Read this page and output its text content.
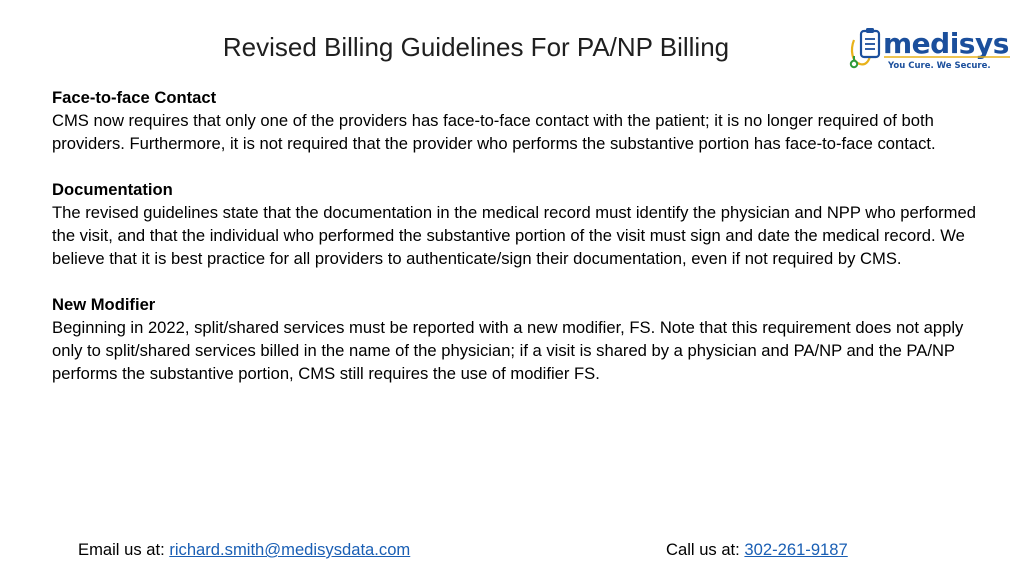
Revised Billing Guidelines For PA/NP Billing	medisys
You Cure. We Secure.
Face-to-face Contact
CMS now requires that only one of the providers has face-to-face contact with the patient; it is no longer required of both providers. Furthermore, it is not required that the provider who performs the substantive portion has face-to-face contact.
Documentation
The revised guidelines state that the documentation in the medical record must identify the physician and NPP who performed the visit, and that the individual who performed the substantive portion of the visit must sign and date the medical record. We believe that it is best practice for all providers to authenticate/sign their documentation, even if not required by CMS.
New Modifier
Beginning in 2022, split/shared services must be reported with a new modifier, FS. Note that this requirement does not apply only to split/shared services billed in the name of the physician; if a visit is shared by a physician and PA/NP and the PA/NP performs the substantive portion, CMS still requires the use of modifier FS.
Email us at: richard.smith@medisysdata.com	Call us at: 302-261-9187
